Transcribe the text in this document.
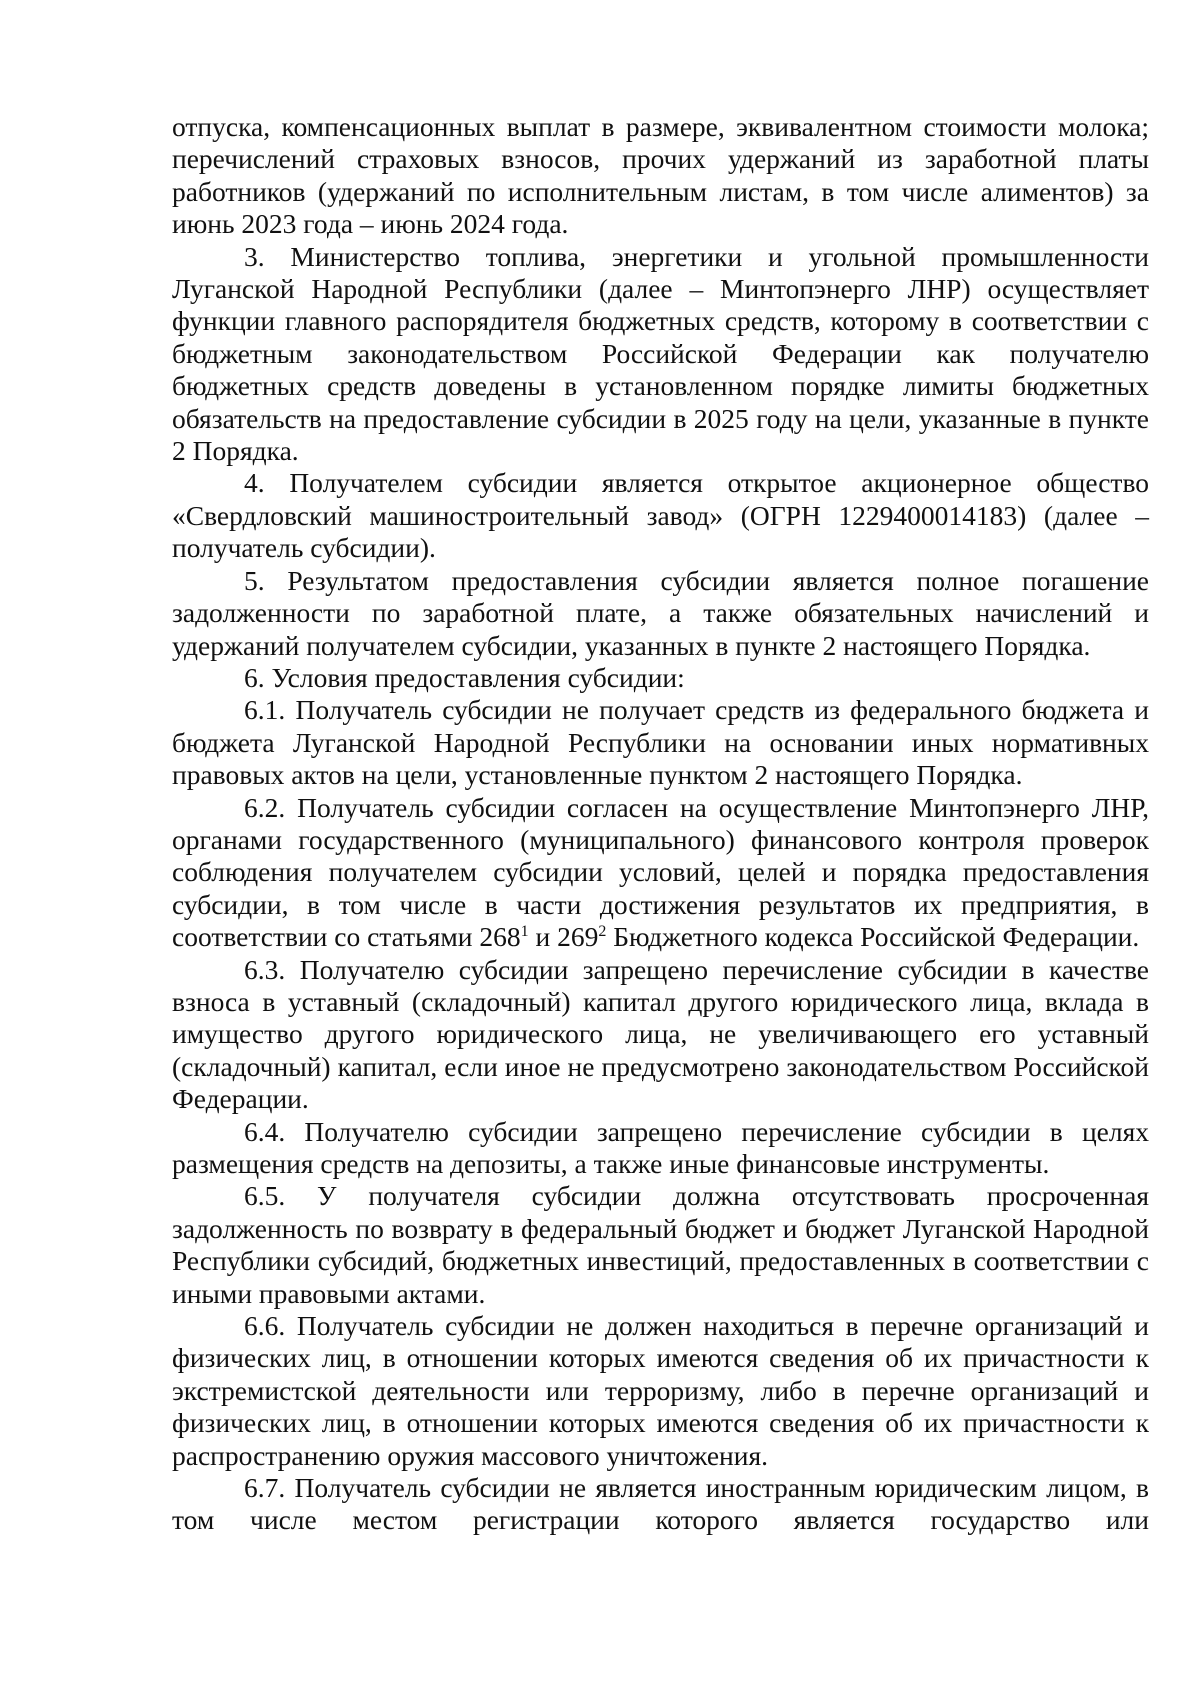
отпуска, компенсационных выплат в размере, эквивалентном стоимости молока; перечислений страховых взносов, прочих удержаний из заработной платы работников (удержаний по исполнительным листам, в том числе алиментов) за июнь 2023 года – июнь 2024 года.

3. Министерство топлива, энергетики и угольной промышленности Луганской Народной Республики (далее – Минтопэнерго ЛНР) осуществляет функции главного распорядителя бюджетных средств, которому в соответствии с бюджетным законодательством Российской Федерации как получателю бюджетных средств доведены в установленном порядке лимиты бюджетных обязательств на предоставление субсидии в 2025 году на цели, указанные в пункте 2 Порядка.

4. Получателем субсидии является открытое акционерное общество «Свердловский машиностроительный завод» (ОГРН 1229400014183) (далее – получатель субсидии).

5. Результатом предоставления субсидии является полное погашение задолженности по заработной плате, а также обязательных начислений и удержаний получателем субсидии, указанных в пункте 2 настоящего Порядка.

6. Условия предоставления субсидии:

6.1. Получатель субсидии не получает средств из федерального бюджета и бюджета Луганской Народной Республики на основании иных нормативных правовых актов на цели, установленные пунктом 2 настоящего Порядка.

6.2. Получатель субсидии согласен на осуществление Минтопэнерго ЛНР, органами государственного (муниципального) финансового контроля проверок соблюдения получателем субсидии условий, целей и порядка предоставления субсидии, в том числе в части достижения результатов их предприятия, в соответствии со статьями $268^1$ и $269^2$ Бюджетного кодекса Российской Федерации.

6.3. Получателю субсидии запрещено перечисление субсидии в качестве взноса в уставный (складочный) капитал другого юридического лица, вклада в имущество другого юридического лица, не увеличивающего его уставный (складочный) капитал, если иное не предусмотрено законодательством Российской Федерации.

6.4. Получателю субсидии запрещено перечисление субсидии в целях размещения средств на депозиты, а также иные финансовые инструменты.

6.5. У получателя субсидии должна отсутствовать просроченная задолженность по возврату в федеральный бюджет и бюджет Луганской Народной Республики субсидий, бюджетных инвестиций, предоставленных в соответствии с иными правовыми актами.

6.6. Получатель субсидии не должен находиться в перечне организаций и физических лиц, в отношении которых имеются сведения об их причастности к экстремистской деятельности или терроризму, либо в перечне организаций и физических лиц, в отношении которых имеются сведения об их причастности к распространению оружия массового уничтожения.

6.7. Получатель субсидии не является иностранным юридическим лицом, в том числе местом регистрации которого является государство или
